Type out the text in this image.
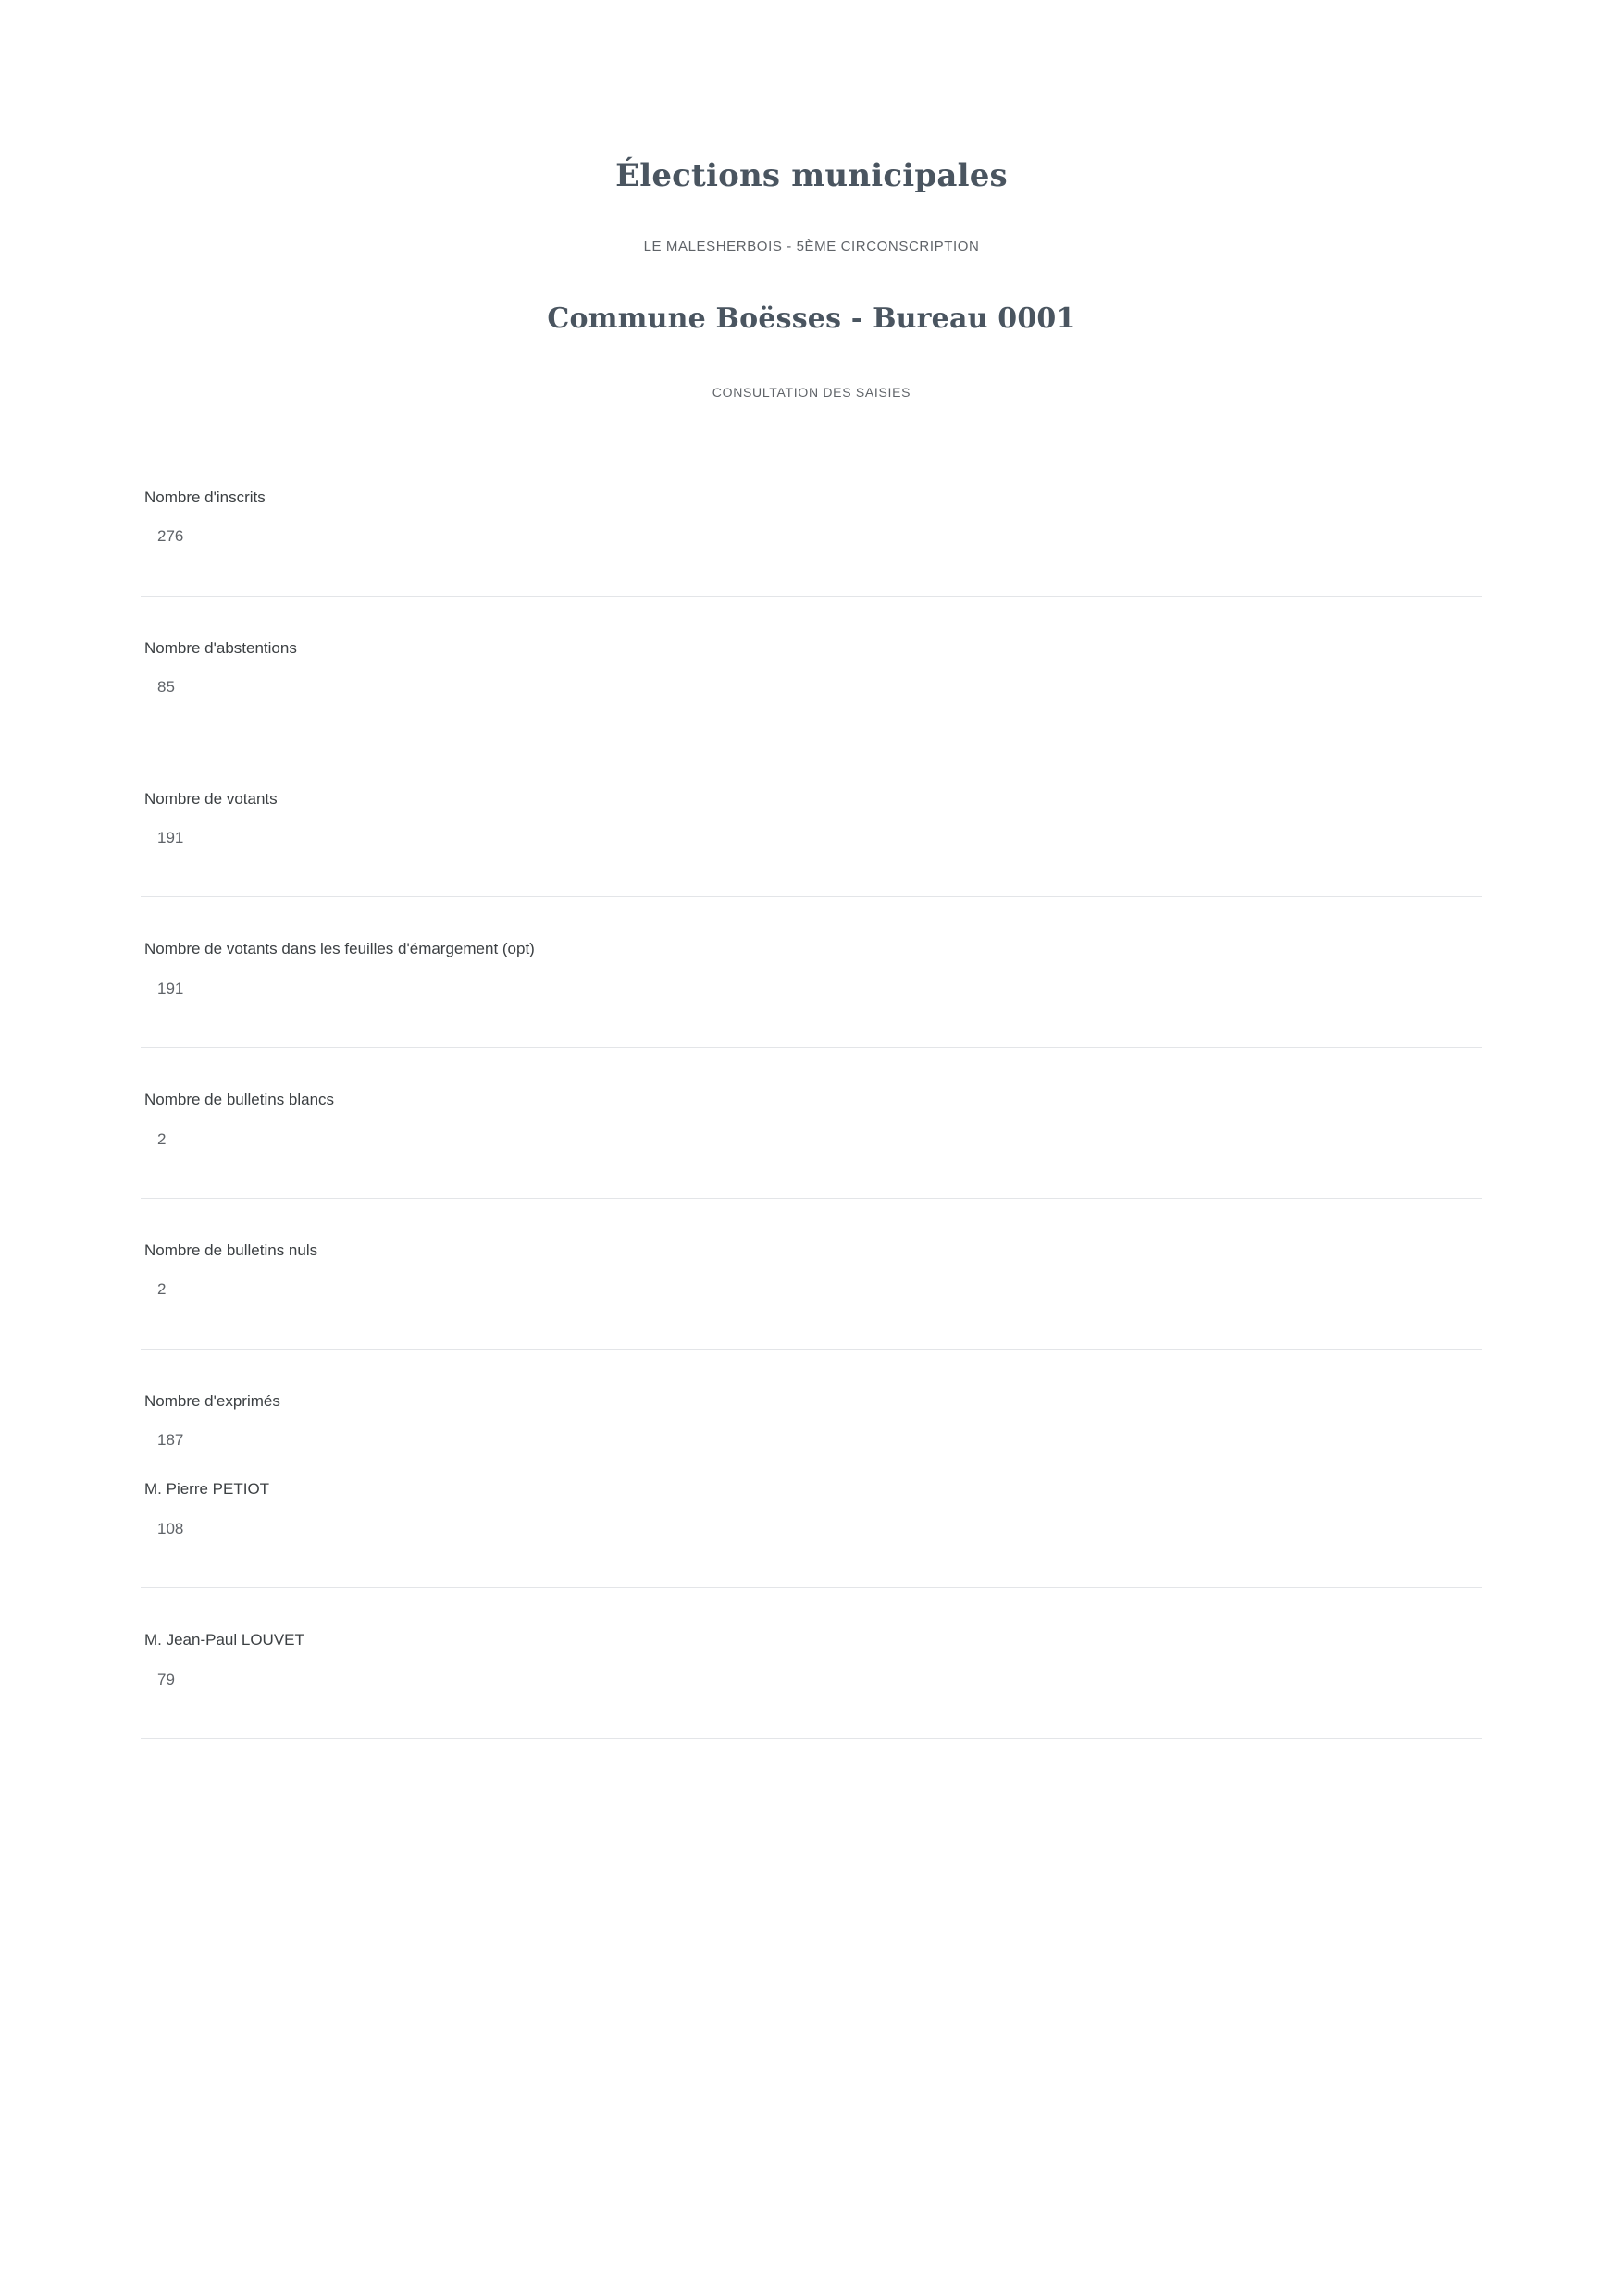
Élections municipales
LE MALESHERBOIS - 5ÈME CIRCONSCRIPTION
Commune Boësses - Bureau 0001
CONSULTATION DES SAISIES
Nombre d'inscrits
276
Nombre d'abstentions
85
Nombre de votants
191
Nombre de votants dans les feuilles d'émargement (opt)
191
Nombre de bulletins blancs
2
Nombre de bulletins nuls
2
Nombre d'exprimés
187
M. Pierre PETIOT
108
M. Jean-Paul LOUVET
79
